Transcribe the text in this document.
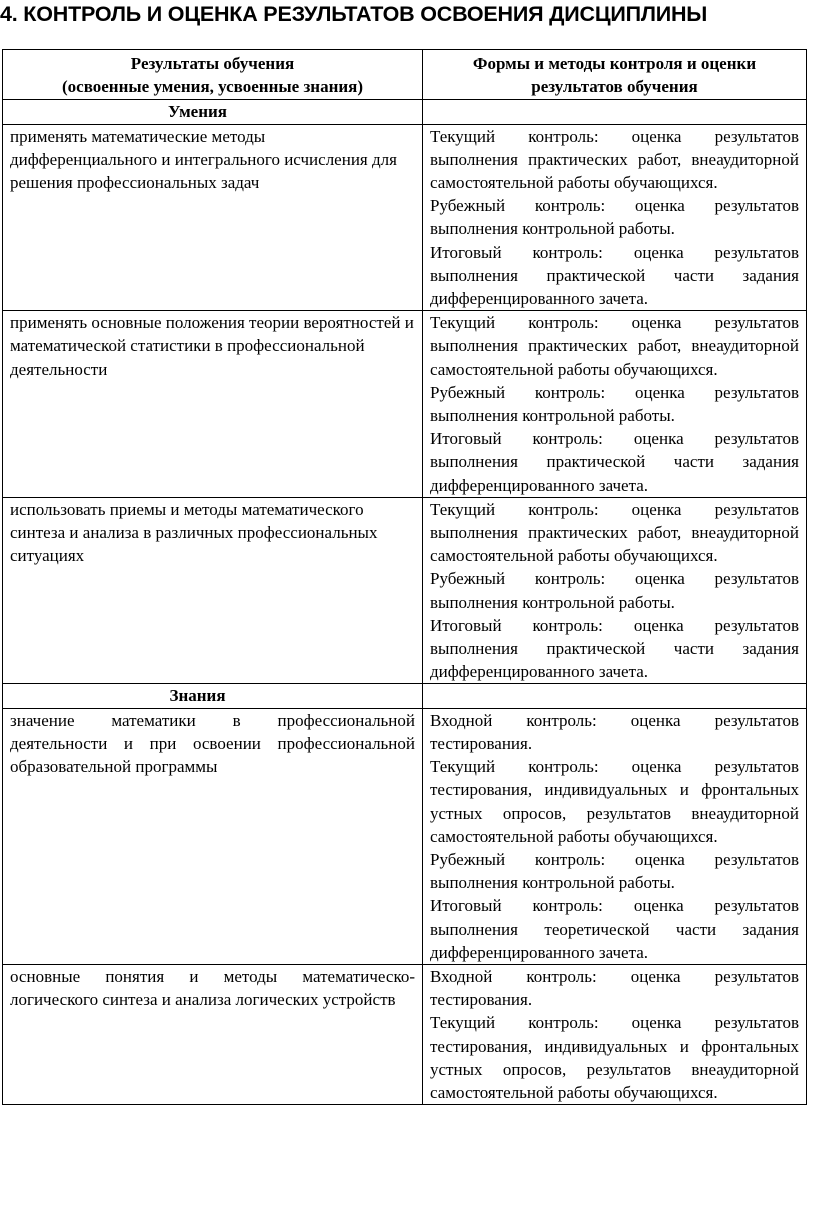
4. КОНТРОЛЬ И ОЦЕНКА РЕЗУЛЬТАТОВ ОСВОЕНИЯ ДИСЦИПЛИНЫ
Результаты обучения
(освоенные умения, усвоенные знания)	Формы и методы контроля и оценки
результатов обучения

Умения	
применять математические методы дифференциального и интегрального исчисления для решения профессиональных задач	Текущий контроль: оценка результатов выполнения практических работ, внеаудиторной самостоятельной работы обучающихся.
Рубежный контроль: оценка результатов выполнения контрольной работы.
Итоговый контроль: оценка результатов выполнения практической части задания дифференцированного зачета.

применять основные положения теории вероятностей и математической статистики в профессиональной деятельности	Текущий контроль: оценка результатов выполнения практических работ, внеаудиторной самостоятельной работы обучающихся.
Рубежный контроль: оценка результатов выполнения контрольной работы.
Итоговый контроль: оценка результатов выполнения практической части задания дифференцированного зачета.

использовать приемы и методы математического синтеза и анализа в различных профессиональных ситуациях	Текущий контроль: оценка результатов выполнения практических работ, внеаудиторной самостоятельной работы обучающихся.
Рубежный контроль: оценка результатов выполнения контрольной работы.
Итоговый контроль: оценка результатов выполнения практической части задания дифференцированного зачета.

Знания	
значение математики в профессиональной деятельности и при освоении профессиональной образовательной программы	Входной контроль: оценка результатов тестирования.
Текущий контроль: оценка результатов тестирования, индивидуальных и фронтальных устных опросов, результатов внеаудиторной самостоятельной работы обучающихся.
Рубежный контроль: оценка результатов выполнения контрольной работы.
Итоговый контроль: оценка результатов выполнения теоретической части задания дифференцированного зачета.

основные понятия и методы математическо-логического синтеза и анализа логических устройств	Входной контроль: оценка результатов тестирования.
Текущий контроль: оценка результатов тестирования, индивидуальных и фронтальных устных опросов, результатов внеаудиторной самостоятельной работы обучающихся.
